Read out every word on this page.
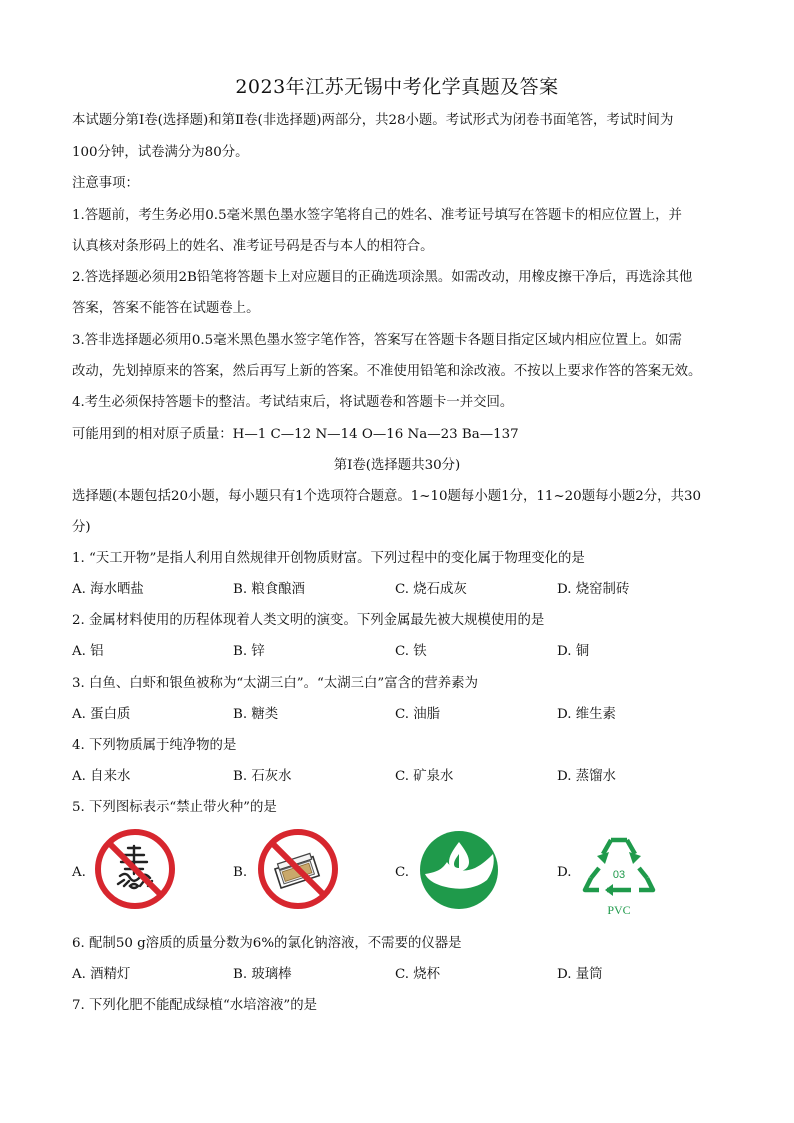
2023年江苏无锡中考化学真题及答案
本试题分第Ⅰ卷(选择题)和第Ⅱ卷(非选择题)两部分，共28小题。考试形式为闭卷书面笔答，考试时间为
100分钟，试卷满分为80分。
注意事项：
1.答题前，考生务必用0.5毫米黑色墨水签字笔将自己的姓名、准考证号填写在答题卡的相应位置上，并
认真核对条形码上的姓名、准考证号码是否与本人的相符合。
2.答选择题必须用2B铅笔将答题卡上对应题目的正确选项涂黑。如需改动，用橡皮擦干净后，再选涂其他
答案，答案不能答在试题卷上。
3.答非选择题必须用0.5毫米黑色墨水签字笔作答，答案写在答题卡各题目指定区域内相应位置上。如需
改动，先划掉原来的答案，然后再写上新的答案。不准使用铅笔和涂改液。不按以上要求作答的答案无效。
4.考生必须保持答题卡的整洁。考试结束后，将试题卷和答题卡一并交回。
可能用到的相对原子质量：H—1 C—12 N—14 O—16 Na—23 Ba—137
第Ⅰ卷(选择题共30分)
选择题(本题包括20小题，每小题只有1个选项符合题意。1~10题每小题1分，11~20题每小题2分，共30
分)
1. “天工开物”是指人利用自然规律开创物质财富。下列过程中的变化属于物理变化的是
A. 海水晒盐	B. 粮食酿酒	C. 烧石成灰	D. 烧窑制砖
2. 金属材料使用的历程体现着人类文明的演变。下列金属最先被大规模使用的是
A. 铝	B. 锌	C. 铁	D. 铜
3. 白鱼、白虾和银鱼被称为“太湖三白”。“太湖三白”富含的营养素为
A. 蛋白质	B. 糖类	C. 油脂	D. 维生素
4. 下列物质属于纯净物的是
A. 自来水	B. 石灰水	C. 矿泉水	D. 蒸馏水
5. 下列图标表示“禁止带火种”的是
A.	B.	C.	D.	03
PVC
6. 配制50 g溶质的质量分数为6%的氯化钠溶液，不需要的仪器是
A. 酒精灯	B. 玻璃棒	C. 烧杯	D. 量筒
7. 下列化肥不能配成绿植“水培溶液”的是
